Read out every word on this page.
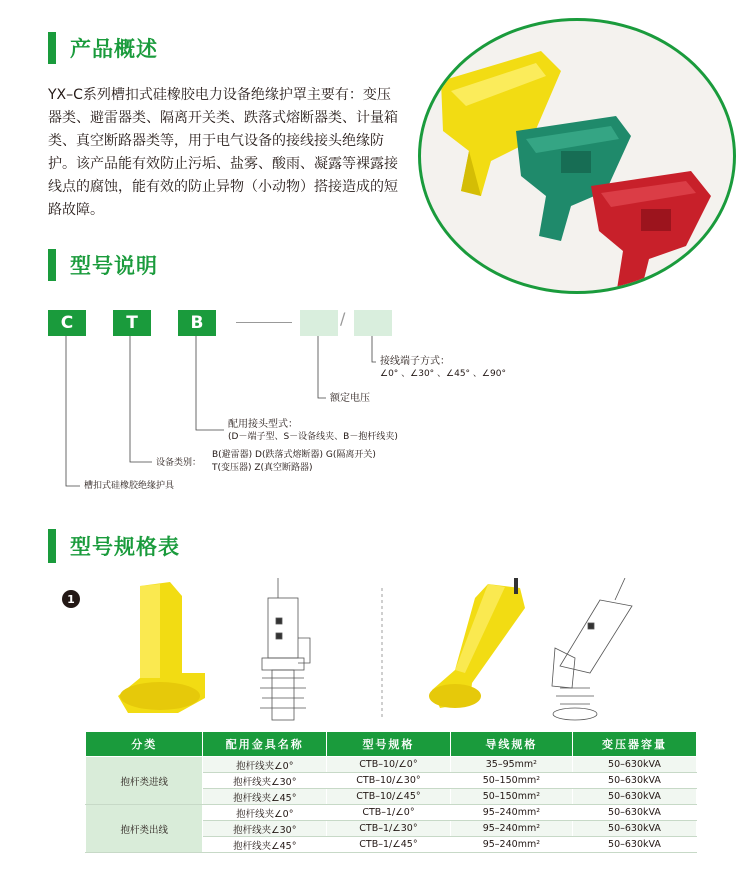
产品概述
YX–C系列槽扣式硅橡胶电力设备绝缘护罩主要有：变压器类、避雷器类、隔离开关类、跌落式熔断器类、计量箱类、真空断路器类等，用于电气设备的接线接头绝缘防护。该产品能有效防止污垢、盐雾、酸雨、凝露等裸露接线点的腐蚀，能有效的防止异物（小动物）搭接造成的短路故障。
型号说明
C	T	B	/
接线端子方式：
∠0° 、∠30° 、∠45° 、∠90°
额定电压
配用接头型式：
(D－端子型、S－设备线夹、B－抱杆线夹)
设备类别：
B(避雷器) D(跌落式熔断器) G(隔离开关)
T(变压器) Z(真空断路器)
槽扣式硅橡胶绝缘护具
型号规格表
1
分类	配用金具名称	型号规格	导线规格	变压器容量
抱杆类进线	抱杆线夹∠0°	CTB–10/∠0°	35–95mm²	50–630kVA
	抱杆线夹∠30°	CTB–10/∠30°	50–150mm²	50–630kVA
	抱杆线夹∠45°	CTB–10/∠45°	50–150mm²	50–630kVA
抱杆类出线	抱杆线夹∠0°	CTB–1/∠0°	95–240mm²	50–630kVA
	抱杆线夹∠30°	CTB–1/∠30°	95–240mm²	50–630kVA
	抱杆线夹∠45°	CTB–1/∠45°	95–240mm²	50–630kVA
